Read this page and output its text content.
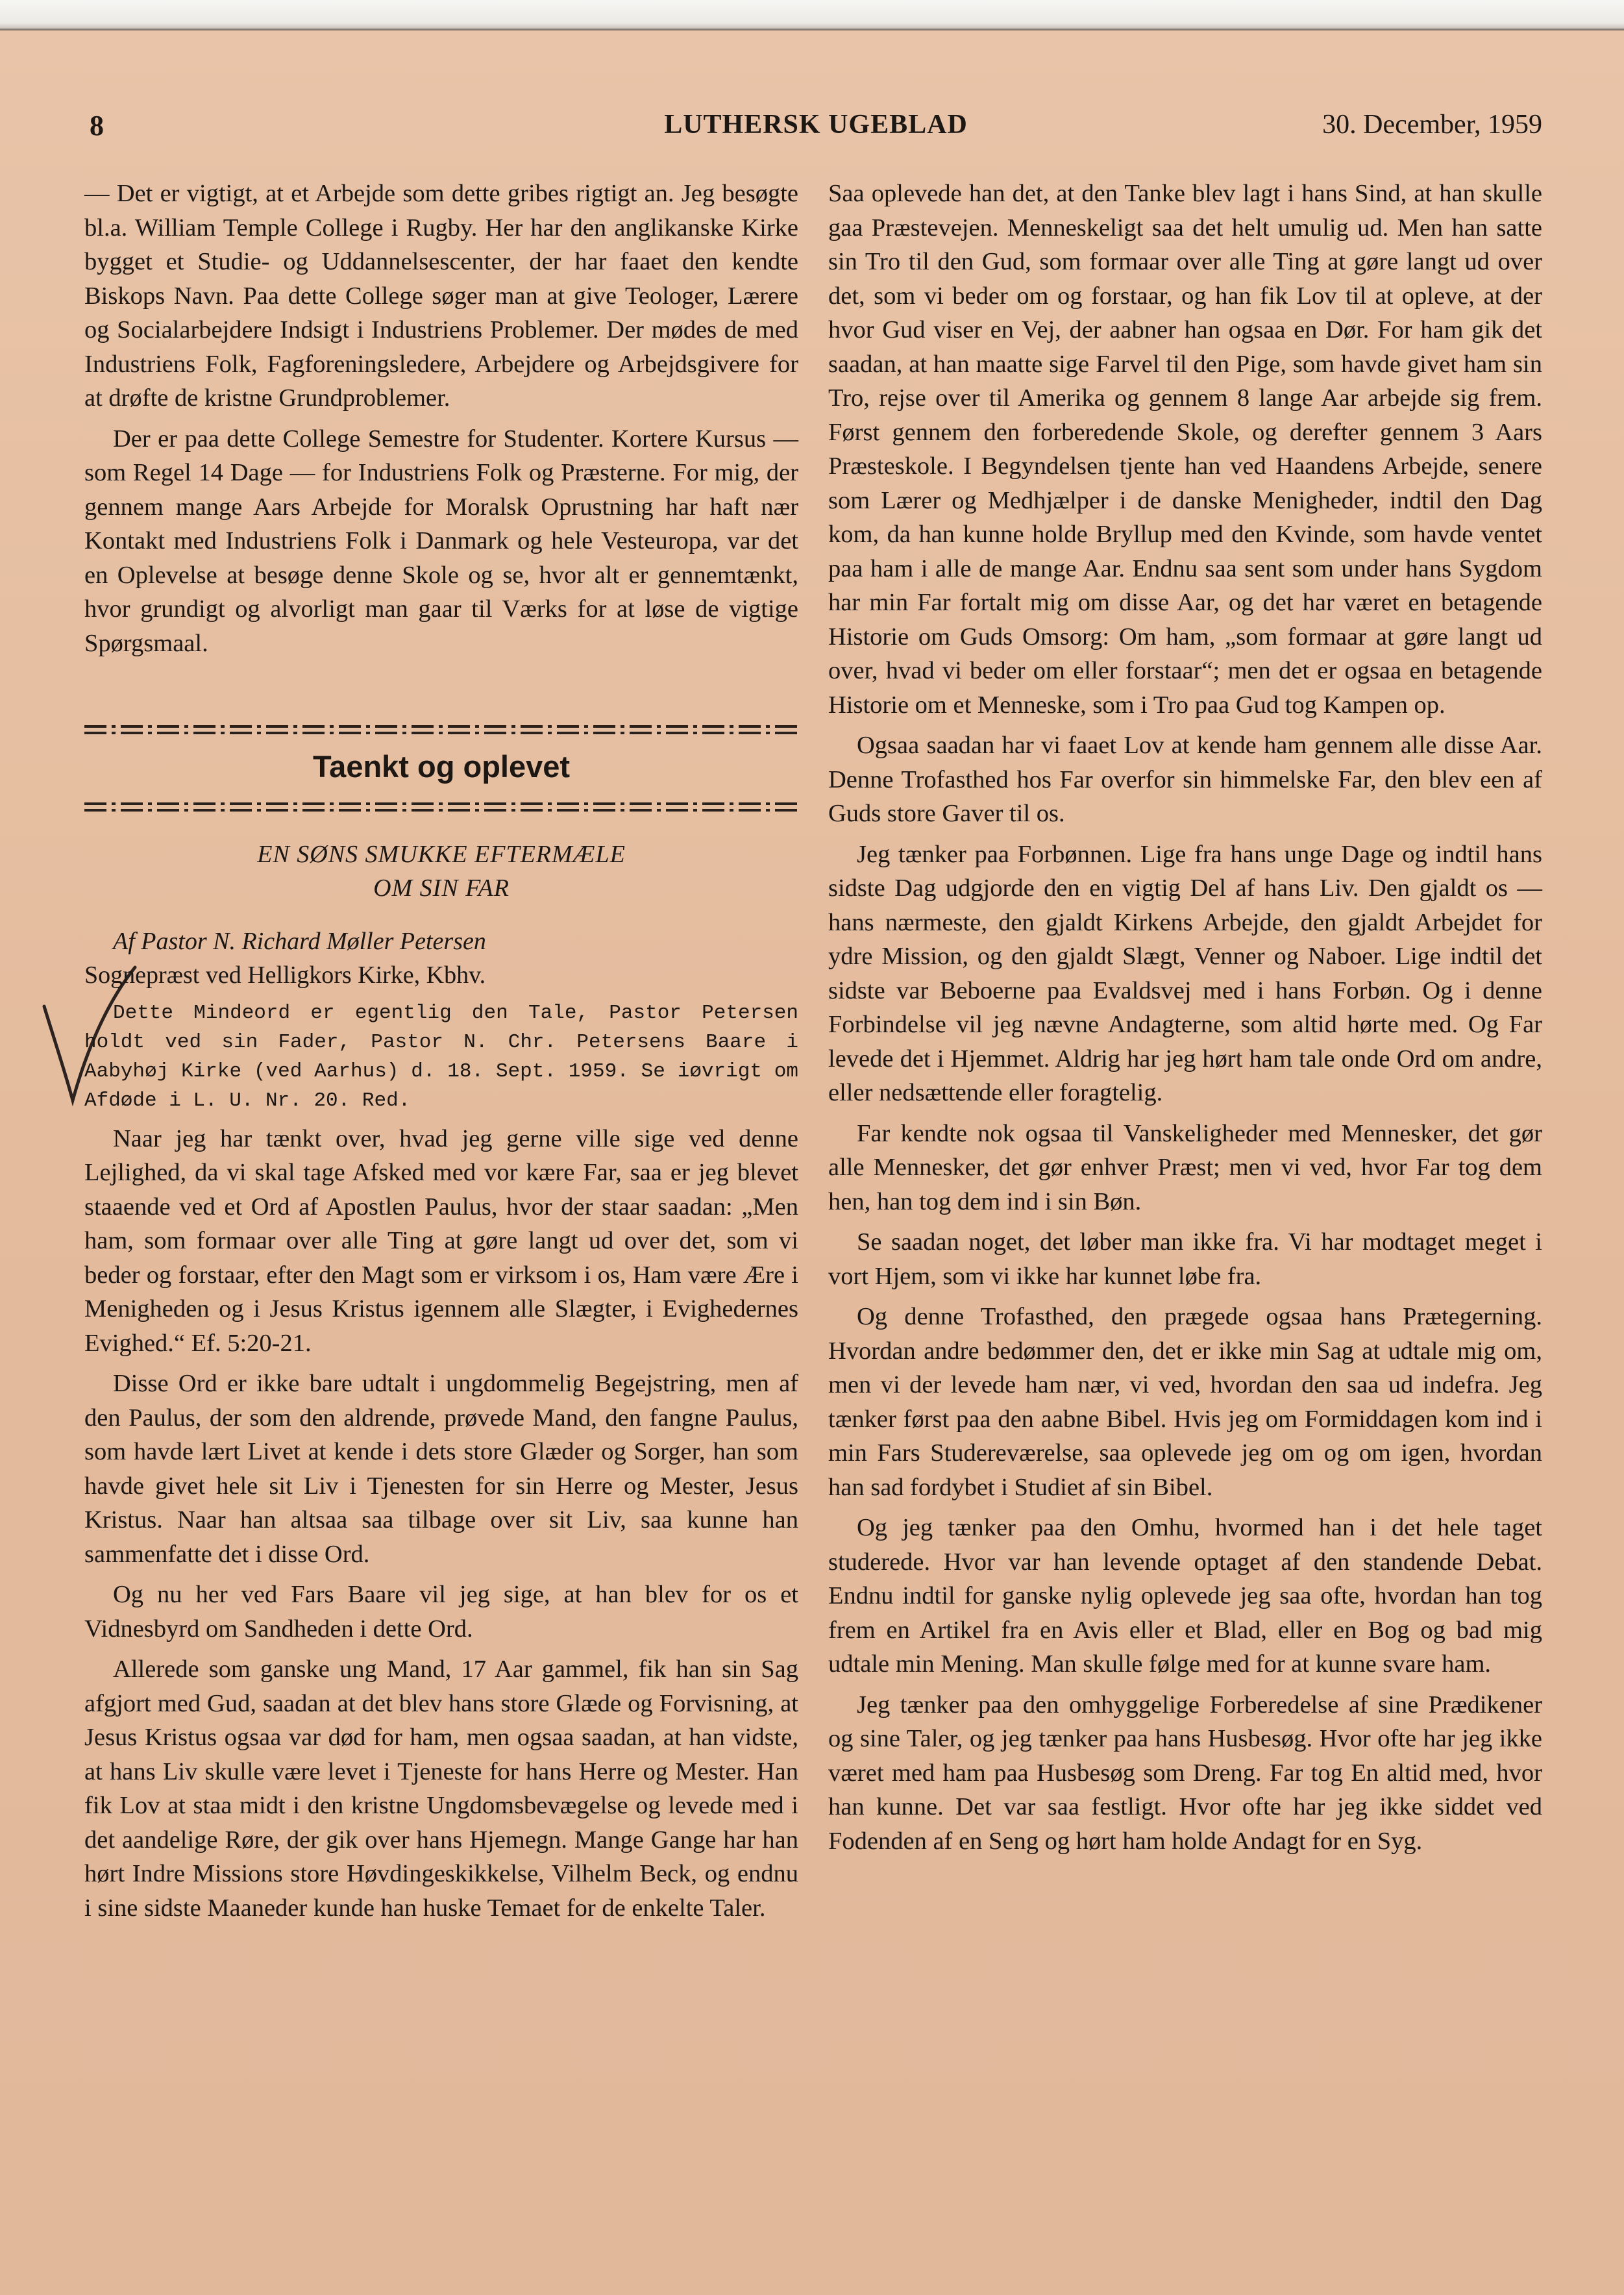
8	LUTHERSK UGEBLAD	30. December, 1959

— Det er vigtigt, at et Arbejde som dette gribes rigtigt an. Jeg besøgte bl.a. William Temple College i Rugby. Her har den anglikanske Kirke bygget et Studie- og Uddannelsescenter, der har faaet den kendte Biskops Navn. Paa dette College søger man at give Teologer, Lærere og Socialarbejdere Indsigt i Industriens Problemer. Der mødes de med Industriens Folk, Fagforeningsledere, Arbejdere og Arbejdsgivere for at drøfte de kristne Grundproblemer.

Der er paa dette College Semestre for Studenter. Kortere Kursus — som Regel 14 Dage — for Industriens Folk og Præsterne. For mig, der gennem mange Aars Arbejde for Moralsk Oprustning har haft nær Kontakt med Industriens Folk i Danmark og hele Vesteuropa, var det en Oplevelse at besøge denne Skole og se, hvor alt er gennemtænkt, hvor grundigt og alvorligt man gaar til Værks for at løse de vigtige Spørgsmaal.

Taenkt og oplevet
EN SØNS SMUKKE EFTERMÆLE
OM SIN FAR

Af Pastor N. Richard Møller Petersen
Sognepræst ved Helligkors Kirke, Kbhv.

Dette Mindeord er egentlig den Tale, Pastor Petersen holdt ved sin Fader, Pastor N. Chr. Petersens Baare i Aabyhøj Kirke (ved Aarhus) d. 18. Sept. 1959. Se iøvrigt om Afdøde i L. U. Nr. 20. Red.

Naar jeg har tænkt over, hvad jeg gerne ville sige ved denne Lejlighed, da vi skal tage Afsked med vor kære Far, saa er jeg blevet staaende ved et Ord af Apostlen Paulus, hvor der staar saadan: „Men ham, som formaar over alle Ting at gøre langt ud over det, som vi beder og forstaar, efter den Magt som er virksom i os, Ham være Ære i Menigheden og i Jesus Kristus igennem alle Slægter, i Evighedernes Evighed.“ Ef. 5:20-21.

Disse Ord er ikke bare udtalt i ungdommelig Begejstring, men af den Paulus, der som den aldrende, prøvede Mand, den fangne Paulus, som havde lært Livet at kende i dets store Glæder og Sorger, han som havde givet hele sit Liv i Tjenesten for sin Herre og Mester, Jesus Kristus. Naar han altsaa saa tilbage over sit Liv, saa kunne han sammenfatte det i disse Ord.

Og nu her ved Fars Baare vil jeg sige, at han blev for os et Vidnesbyrd om Sandheden i dette Ord.

Allerede som ganske ung Mand, 17 Aar gammel, fik han sin Sag afgjort med Gud, saadan at det blev hans store Glæde og Forvisning, at Jesus Kristus ogsaa var død for ham, men ogsaa saadan, at han vidste, at hans Liv skulle være levet i Tjeneste for hans Herre og Mester. Han fik Lov at staa midt i den kristne Ungdomsbevægelse og levede med i det aandelige Røre, der gik over hans Hjemegn. Mange Gange har han hørt Indre Missions store Høvdingeskikkelse, Vilhelm Beck, og endnu i sine sidste Maaneder kunde han huske Temaet for de enkelte Taler.

Saa oplevede han det, at den Tanke blev lagt i hans Sind, at han skulle gaa Præstevejen. Menneskeligt saa det helt umulig ud. Men han satte sin Tro til den Gud, som formaar over alle Ting at gøre langt ud over det, som vi beder om og forstaar, og han fik Lov til at opleve, at der hvor Gud viser en Vej, der aabner han ogsaa en Dør. For ham gik det saadan, at han maatte sige Farvel til den Pige, som havde givet ham sin Tro, rejse over til Amerika og gennem 8 lange Aar arbejde sig frem. Først gennem den forberedende Skole, og derefter gennem 3 Aars Præsteskole. I Begyndelsen tjente han ved Haandens Arbejde, senere som Lærer og Medhjælper i de danske Menigheder, indtil den Dag kom, da han kunne holde Bryllup med den Kvinde, som havde ventet paa ham i alle de mange Aar. Endnu saa sent som under hans Sygdom har min Far fortalt mig om disse Aar, og det har været en betagende Historie om Guds Omsorg: Om ham, „som formaar at gøre langt ud over, hvad vi beder om eller forstaar“; men det er ogsaa en betagende Historie om et Menneske, som i Tro paa Gud tog Kampen op.

Ogsaa saadan har vi faaet Lov at kende ham gennem alle disse Aar. Denne Trofasthed hos Far overfor sin himmelske Far, den blev een af Guds store Gaver til os.

Jeg tænker paa Forbønnen. Lige fra hans unge Dage og indtil hans sidste Dag udgjorde den en vigtig Del af hans Liv. Den gjaldt os — hans nærmeste, den gjaldt Kirkens Arbejde, den gjaldt Arbejdet for ydre Mission, og den gjaldt Slægt, Venner og Naboer. Lige indtil det sidste var Beboerne paa Evaldsvej med i hans Forbøn. Og i denne Forbindelse vil jeg nævne Andagterne, som altid hørte med. Og Far levede det i Hjemmet. Aldrig har jeg hørt ham tale onde Ord om andre, eller nedsættende eller foragtelig.

Far kendte nok ogsaa til Vanskeligheder med Mennesker, det gør alle Mennesker, det gør enhver Præst; men vi ved, hvor Far tog dem hen, han tog dem ind i sin Bøn.

Se saadan noget, det løber man ikke fra. Vi har modtaget meget i vort Hjem, som vi ikke har kunnet løbe fra.

Og denne Trofasthed, den prægede ogsaa hans Prætegerning. Hvordan andre bedømmer den, det er ikke min Sag at udtale mig om, men vi der levede ham nær, vi ved, hvordan den saa ud indefra. Jeg tænker først paa den aabne Bibel. Hvis jeg om Formiddagen kom ind i min Fars Studereværelse, saa oplevede jeg om og om igen, hvordan han sad fordybet i Studiet af sin Bibel.

Og jeg tænker paa den Omhu, hvormed han i det hele taget studerede. Hvor var han levende optaget af den standende Debat. Endnu indtil for ganske nylig oplevede jeg saa ofte, hvordan han tog frem en Artikel fra en Avis eller et Blad, eller en Bog og bad mig udtale min Mening. Man skulle følge med for at kunne svare ham.

Jeg tænker paa den omhyggelige Forberedelse af sine Prædikener og sine Taler, og jeg tænker paa hans Husbesøg. Hvor ofte har jeg ikke været med ham paa Husbesøg som Dreng. Far tog En altid med, hvor han kunne. Det var saa festligt. Hvor ofte har jeg ikke siddet ved Fodenden af en Seng og hørt ham holde Andagt for en Syg.
